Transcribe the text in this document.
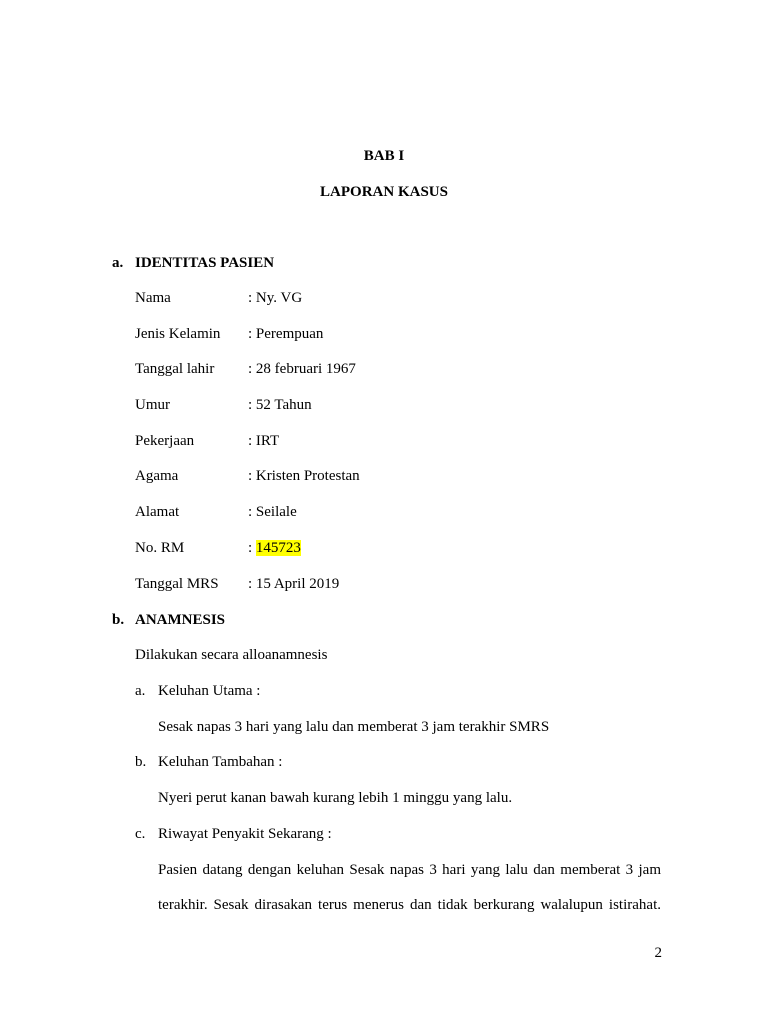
BAB I
LAPORAN KASUS
a. IDENTITAS PASIEN
Nama	: Ny. VG
Jenis Kelamin : Perempuan
Tanggal lahir : 28 februari 1967
Umur	: 52 Tahun
Pekerjaan	: IRT
Agama	: Kristen Protestan
Alamat	: Seilale
No. RM	: 145723
Tanggal MRS : 15 April 2019
b. ANAMNESIS
Dilakukan secara alloanamnesis
a. Keluhan Utama :
Sesak napas 3 hari yang lalu dan memberat 3 jam terakhir SMRS
b. Keluhan Tambahan :
Nyeri perut kanan bawah kurang lebih 1 minggu yang lalu.
c. Riwayat Penyakit Sekarang :
Pasien datang dengan keluhan Sesak napas 3 hari yang lalu dan memberat 3 jam
terakhir. Sesak dirasakan terus menerus dan tidak berkurang walalupun istirahat.
2
